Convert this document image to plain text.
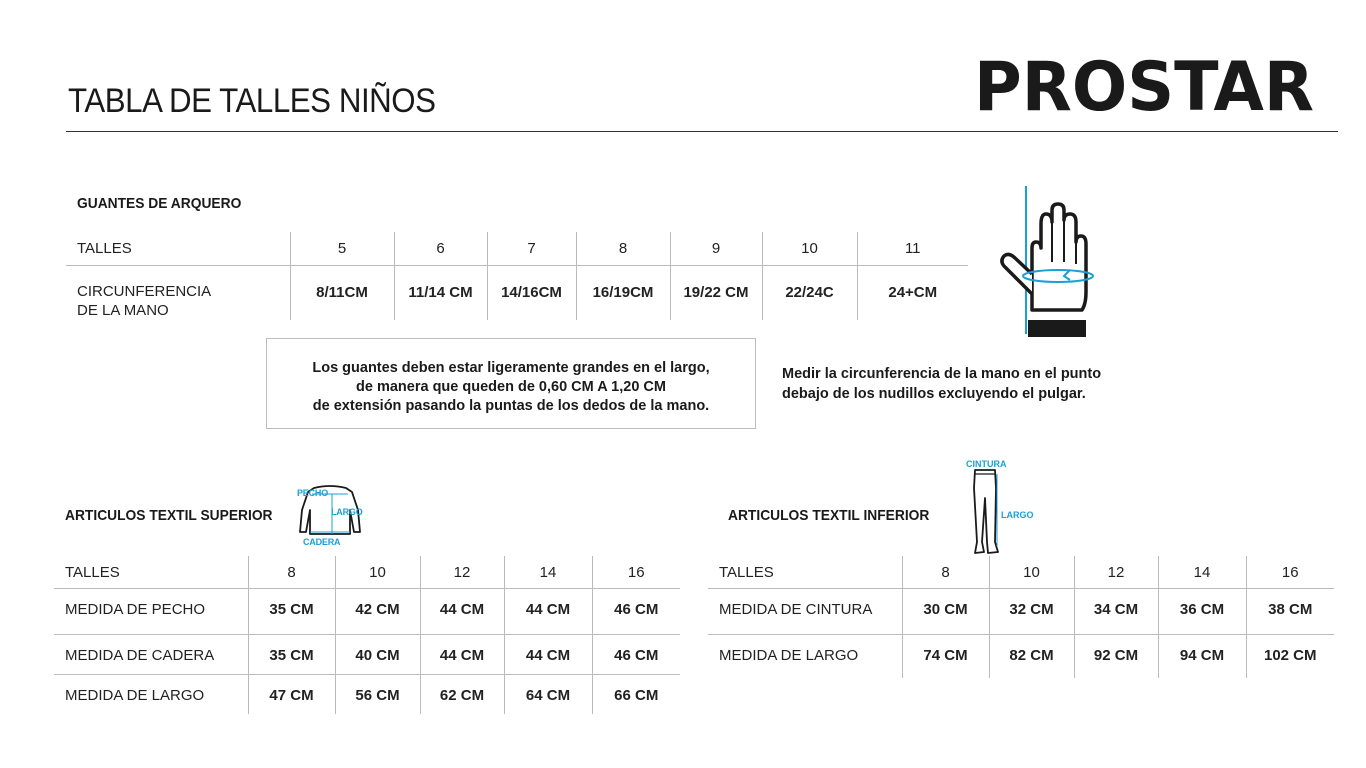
TABLA DE TALLES NIÑOS	PROSTAR
GUANTES DE ARQUERO
TALLES	5	6	7	8	9	10	11

CIRCUNFERENCIA
DE LA MANO	8/11CM	11/14 CM	14/16CM	16/19CM	19/22 CM	22/24C	24+CM
Los guantes deben estar ligeramente grandes en el largo,
de manera que queden de 0,60 CM A 1,20 CM
de extensión pasando la puntas de los dedos de la mano.
Medir la circunferencia de la mano en el punto
debajo de los nudillos excluyendo el pulgar.
ARTICULOS TEXTIL SUPERIOR
PECHO
LARGO
CADERA
TALLES	8	10	12	14	16
MEDIDA DE PECHO	35 CM	42 CM	44 CM	44 CM	46 CM
MEDIDA DE CADERA	35 CM	40 CM	44 CM	44 CM	46 CM
MEDIDA DE LARGO	47 CM	56 CM	62 CM	64 CM	66 CM
ARTICULOS TEXTIL INFERIOR
CINTURA
LARGO
TALLES	8	10	12	14	16
MEDIDA DE CINTURA	30 CM	32 CM	34 CM	36 CM	38 CM
MEDIDA DE LARGO	74 CM	82 CM	92 CM	94 CM	102 CM
